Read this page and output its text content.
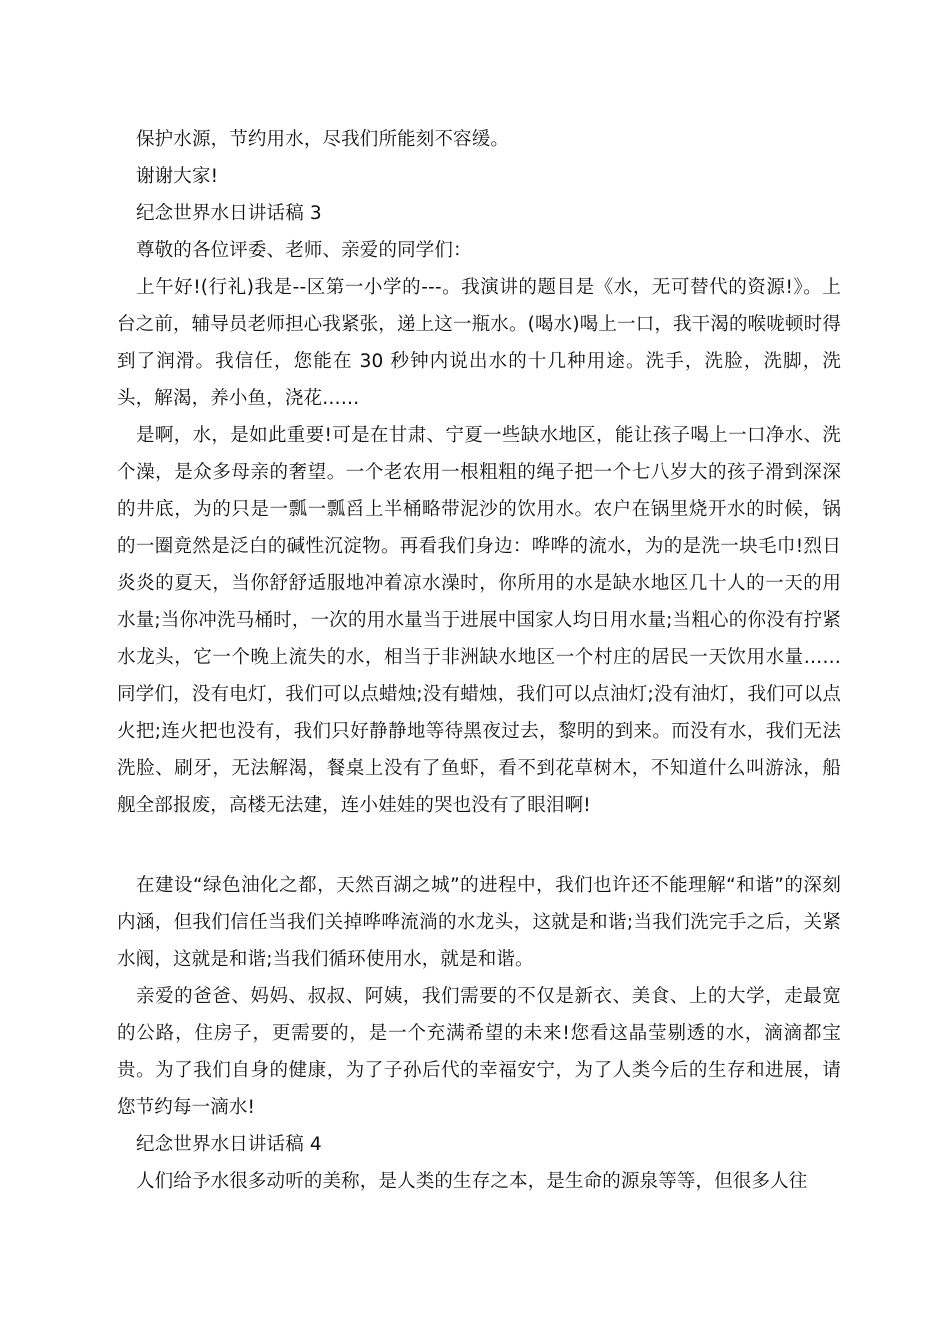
保护水源，节约用水，尽我们所能刻不容缓。

谢谢大家!

纪念世界水日讲话稿 3

尊敬的各位评委、老师、亲爱的同学们：

上午好!(行礼)我是--区第一小学的---。我演讲的题目是《水，无可替代的资源!》。上台之前，辅导员老师担心我紧张，递上这一瓶水。(喝水)喝上一口，我干渴的喉咙顿时得到了润滑。我信任，您能在 30 秒钟内说出水的十几种用途。洗手，洗脸，洗脚，洗头，解渴，养小鱼，浇花……

是啊，水，是如此重要!可是在甘肃、宁夏一些缺水地区，能让孩子喝上一口净水、洗个澡，是众多母亲的奢望。一个老农用一根粗粗的绳子把一个七八岁大的孩子滑到深深的井底，为的只是一瓢一瓢舀上半桶略带泥沙的饮用水。农户在锅里烧开水的时候，锅的一圈竟然是泛白的碱性沉淀物。再看我们身边：哗哗的流水，为的是洗一块毛巾!烈日炎炎的夏天，当你舒舒适服地冲着凉水澡时，你所用的水是缺水地区几十人的一天的用水量;当你冲洗马桶时，一次的用水量当于进展中国家人均日用水量;当粗心的你没有拧紧水龙头，它一个晚上流失的水，相当于非洲缺水地区一个村庄的居民一天饮用水量……同学们，没有电灯，我们可以点蜡烛;没有蜡烛，我们可以点油灯;没有油灯，我们可以点火把;连火把也没有，我们只好静静地等待黑夜过去，黎明的到来。而没有水，我们无法洗脸、刷牙，无法解渴，餐桌上没有了鱼虾，看不到花草树木，不知道什么叫游泳，船舰全部报废，高楼无法建，连小娃娃的哭也没有了眼泪啊!

在建设“绿色油化之都，天然百湖之城”的进程中，我们也许还不能理解“和谐”的深刻内涵，但我们信任当我们关掉哗哗流淌的水龙头，这就是和谐;当我们洗完手之后，关紧水阀，这就是和谐;当我们循环使用水，就是和谐。

亲爱的爸爸、妈妈、叔叔、阿姨，我们需要的不仅是新衣、美食、上的大学，走最宽的公路，住房子，更需要的，是一个充满希望的未来!您看这晶莹剔透的水，滴滴都宝贵。为了我们自身的健康，为了子孙后代的幸福安宁，为了人类今后的生存和进展，请您节约每一滴水!

纪念世界水日讲话稿 4

人们给予水很多动听的美称，是人类的生存之本，是生命的源泉等等，但很多人往
